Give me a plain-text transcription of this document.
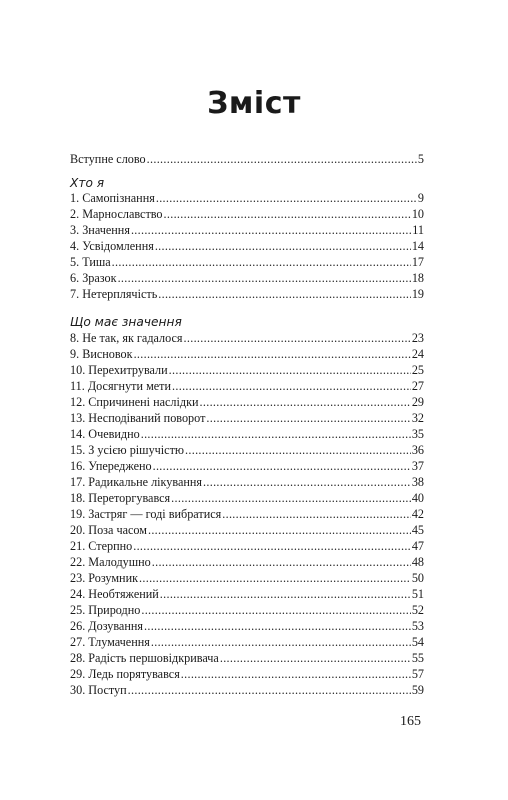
Зміст
Вступне слово .....	5
Хто я
1. Самопізнання .....	9
2. Марнославство .....	10
3. Значення .....	11
4. Усвідомлення .....	14
5. Тиша .....	17
6. Зразок .....	18
7. Нетерплячість .....	19
Що має значення
8. Не так, як гадалося .....	23
9. Висновок .....	24
10. Перехитрували .....	25
11. Досягнути мети .....	27
12. Спричинені наслідки .....	29
13. Несподіваний поворот .....	32
14. Очевидно .....	35
15. З усією рішучістю .....	36
16. Упереджено .....	37
17. Радикальне лікування .....	38
18. Переторгувався .....	40
19. Застряг — годі вибратися .....	42
20. Поза часом .....	45
21. Стерпно .....	47
22. Малодушно .....	48
23. Розумник .....	50
24. Необтяжений .....	51
25. Природно .....	52
26. Дозування .....	53
27. Тлумачення .....	54
28. Радість першовідкривача .....	55
29. Ледь порятувався .....	57
30. Поступ .....	59
165
